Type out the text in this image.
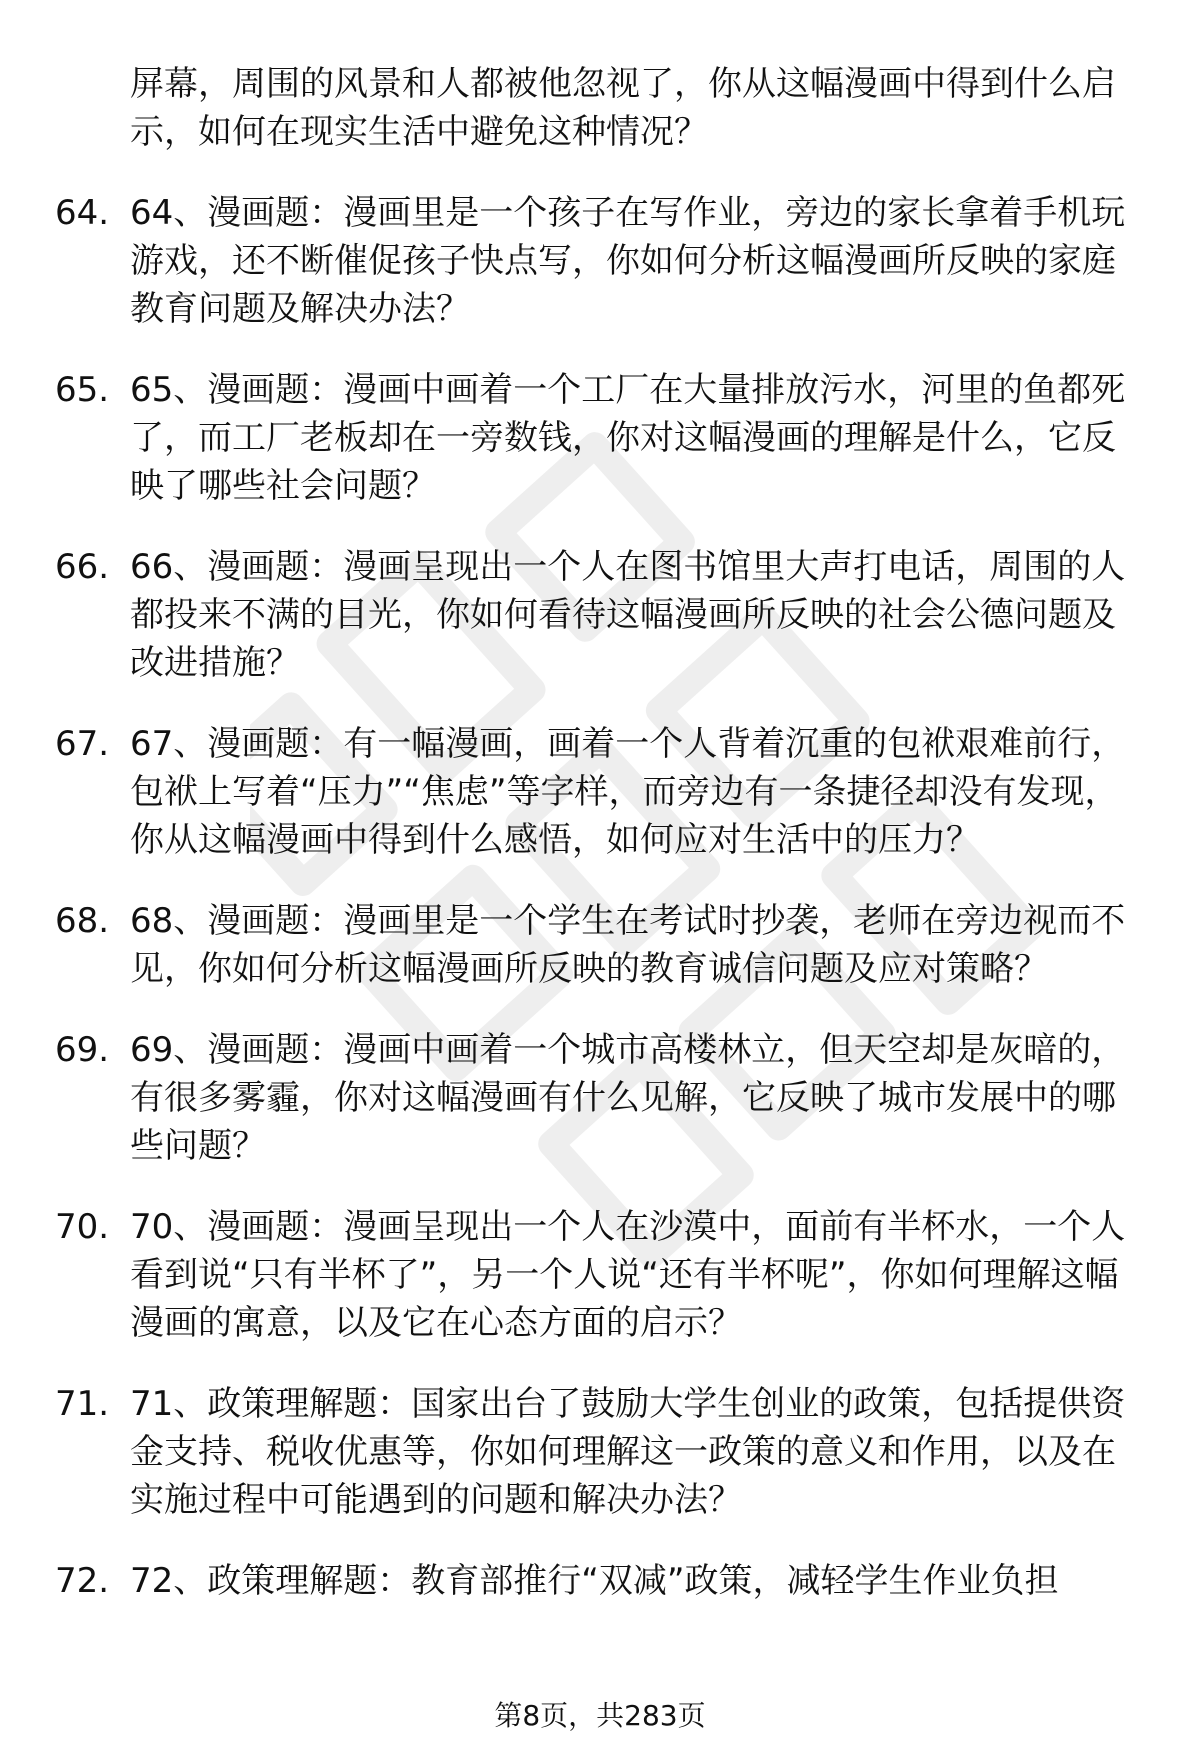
屏幕，周围的风景和人都被他忽视了，你从这幅漫画中得到什么启示，如何在现实生活中避免这种情况？
64. 64、漫画题：漫画里是一个孩子在写作业，旁边的家长拿着手机玩游戏，还不断催促孩子快点写，你如何分析这幅漫画所反映的家庭教育问题及解决办法？
65. 65、漫画题：漫画中画着一个工厂在大量排放污水，河里的鱼都死了，而工厂老板却在一旁数钱，你对这幅漫画的理解是什么，它反映了哪些社会问题？
66. 66、漫画题：漫画呈现出一个人在图书馆里大声打电话，周围的人都投来不满的目光，你如何看待这幅漫画所反映的社会公德问题及改进措施？
67. 67、漫画题：有一幅漫画，画着一个人背着沉重的包袱艰难前行，包袱上写着“压力”“焦虑”等字样，而旁边有一条捷径却没有发现，你从这幅漫画中得到什么感悟，如何应对生活中的压力？
68. 68、漫画题：漫画里是一个学生在考试时抄袭，老师在旁边视而不见，你如何分析这幅漫画所反映的教育诚信问题及应对策略？
69. 69、漫画题：漫画中画着一个城市高楼林立，但天空却是灰暗的，有很多雾霾，你对这幅漫画有什么见解，它反映了城市发展中的哪些问题？
70. 70、漫画题：漫画呈现出一个人在沙漠中，面前有半杯水，一个人看到说“只有半杯了”，另一个人说“还有半杯呢”，你如何理解这幅漫画的寓意，以及它在心态方面的启示？
71. 71、政策理解题：国家出台了鼓励大学生创业的政策，包括提供资金支持、税收优惠等，你如何理解这一政策的意义和作用，以及在实施过程中可能遇到的问题和解决办法？
72. 72、政策理解题：教育部推行“双减”政策，减轻学生作业负担
第8页，共283页
